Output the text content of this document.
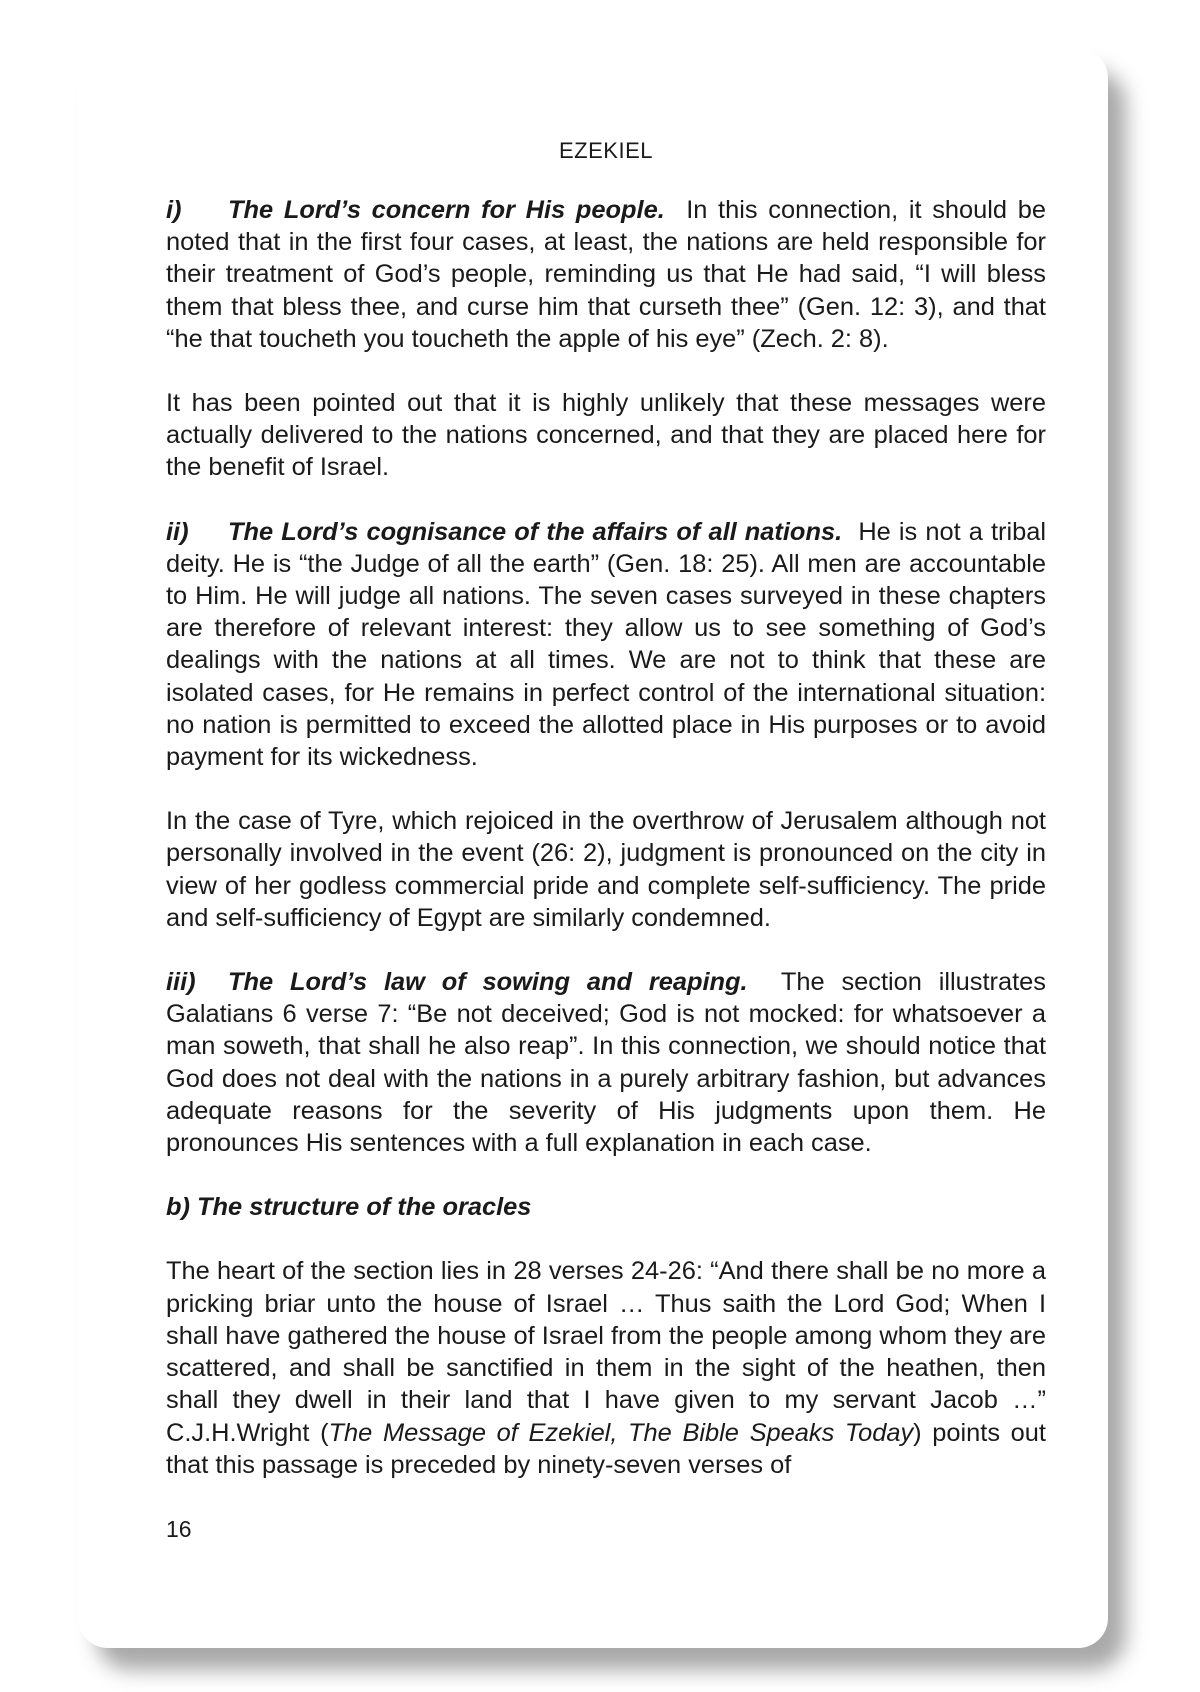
EZEKIEL

i) The Lord’s concern for His people. In this connection, it should be noted that in the first four cases, at least, the nations are held responsible for their treatment of God’s people, reminding us that He had said, “I will bless them that bless thee, and curse him that curseth thee” (Gen. 12: 3), and that “he that toucheth you toucheth the apple of his eye” (Zech. 2: 8).

It has been pointed out that it is highly unlikely that these messages were actually delivered to the nations concerned, and that they are placed here for the benefit of Israel.

ii) The Lord’s cognisance of the affairs of all nations. He is not a tribal deity. He is “the Judge of all the earth” (Gen. 18: 25). All men are accountable to Him. He will judge all nations. The seven cases surveyed in these chapters are therefore of relevant interest: they allow us to see something of God’s dealings with the nations at all times. We are not to think that these are isolated cases, for He remains in perfect control of the international situation: no nation is permitted to exceed the allotted place in His purposes or to avoid payment for its wickedness.

In the case of Tyre, which rejoiced in the overthrow of Jerusalem although not personally involved in the event (26: 2), judgment is pronounced on the city in view of her godless commercial pride and complete self-sufficiency. The pride and self-sufficiency of Egypt are similarly condemned.

iii) The Lord’s law of sowing and reaping. The section illustrates Galatians 6 verse 7: “Be not deceived; God is not mocked: for whatsoever a man soweth, that shall he also reap”. In this connection, we should notice that God does not deal with the nations in a purely arbitrary fashion, but advances adequate reasons for the severity of His judgments upon them. He pronounces His sentences with a full explanation in each case.

b) The structure of the oracles

The heart of the section lies in 28 verses 24-26: “And there shall be no more a pricking briar unto the house of Israel … Thus saith the Lord God; When I shall have gathered the house of Israel from the people among whom they are scattered, and shall be sanctified in them in the sight of the heathen, then shall they dwell in their land that I have given to my servant Jacob …” C.J.H.Wright (The Message of Ezekiel, The Bible Speaks Today) points out that this passage is preceded by ninety-seven verses of

16
